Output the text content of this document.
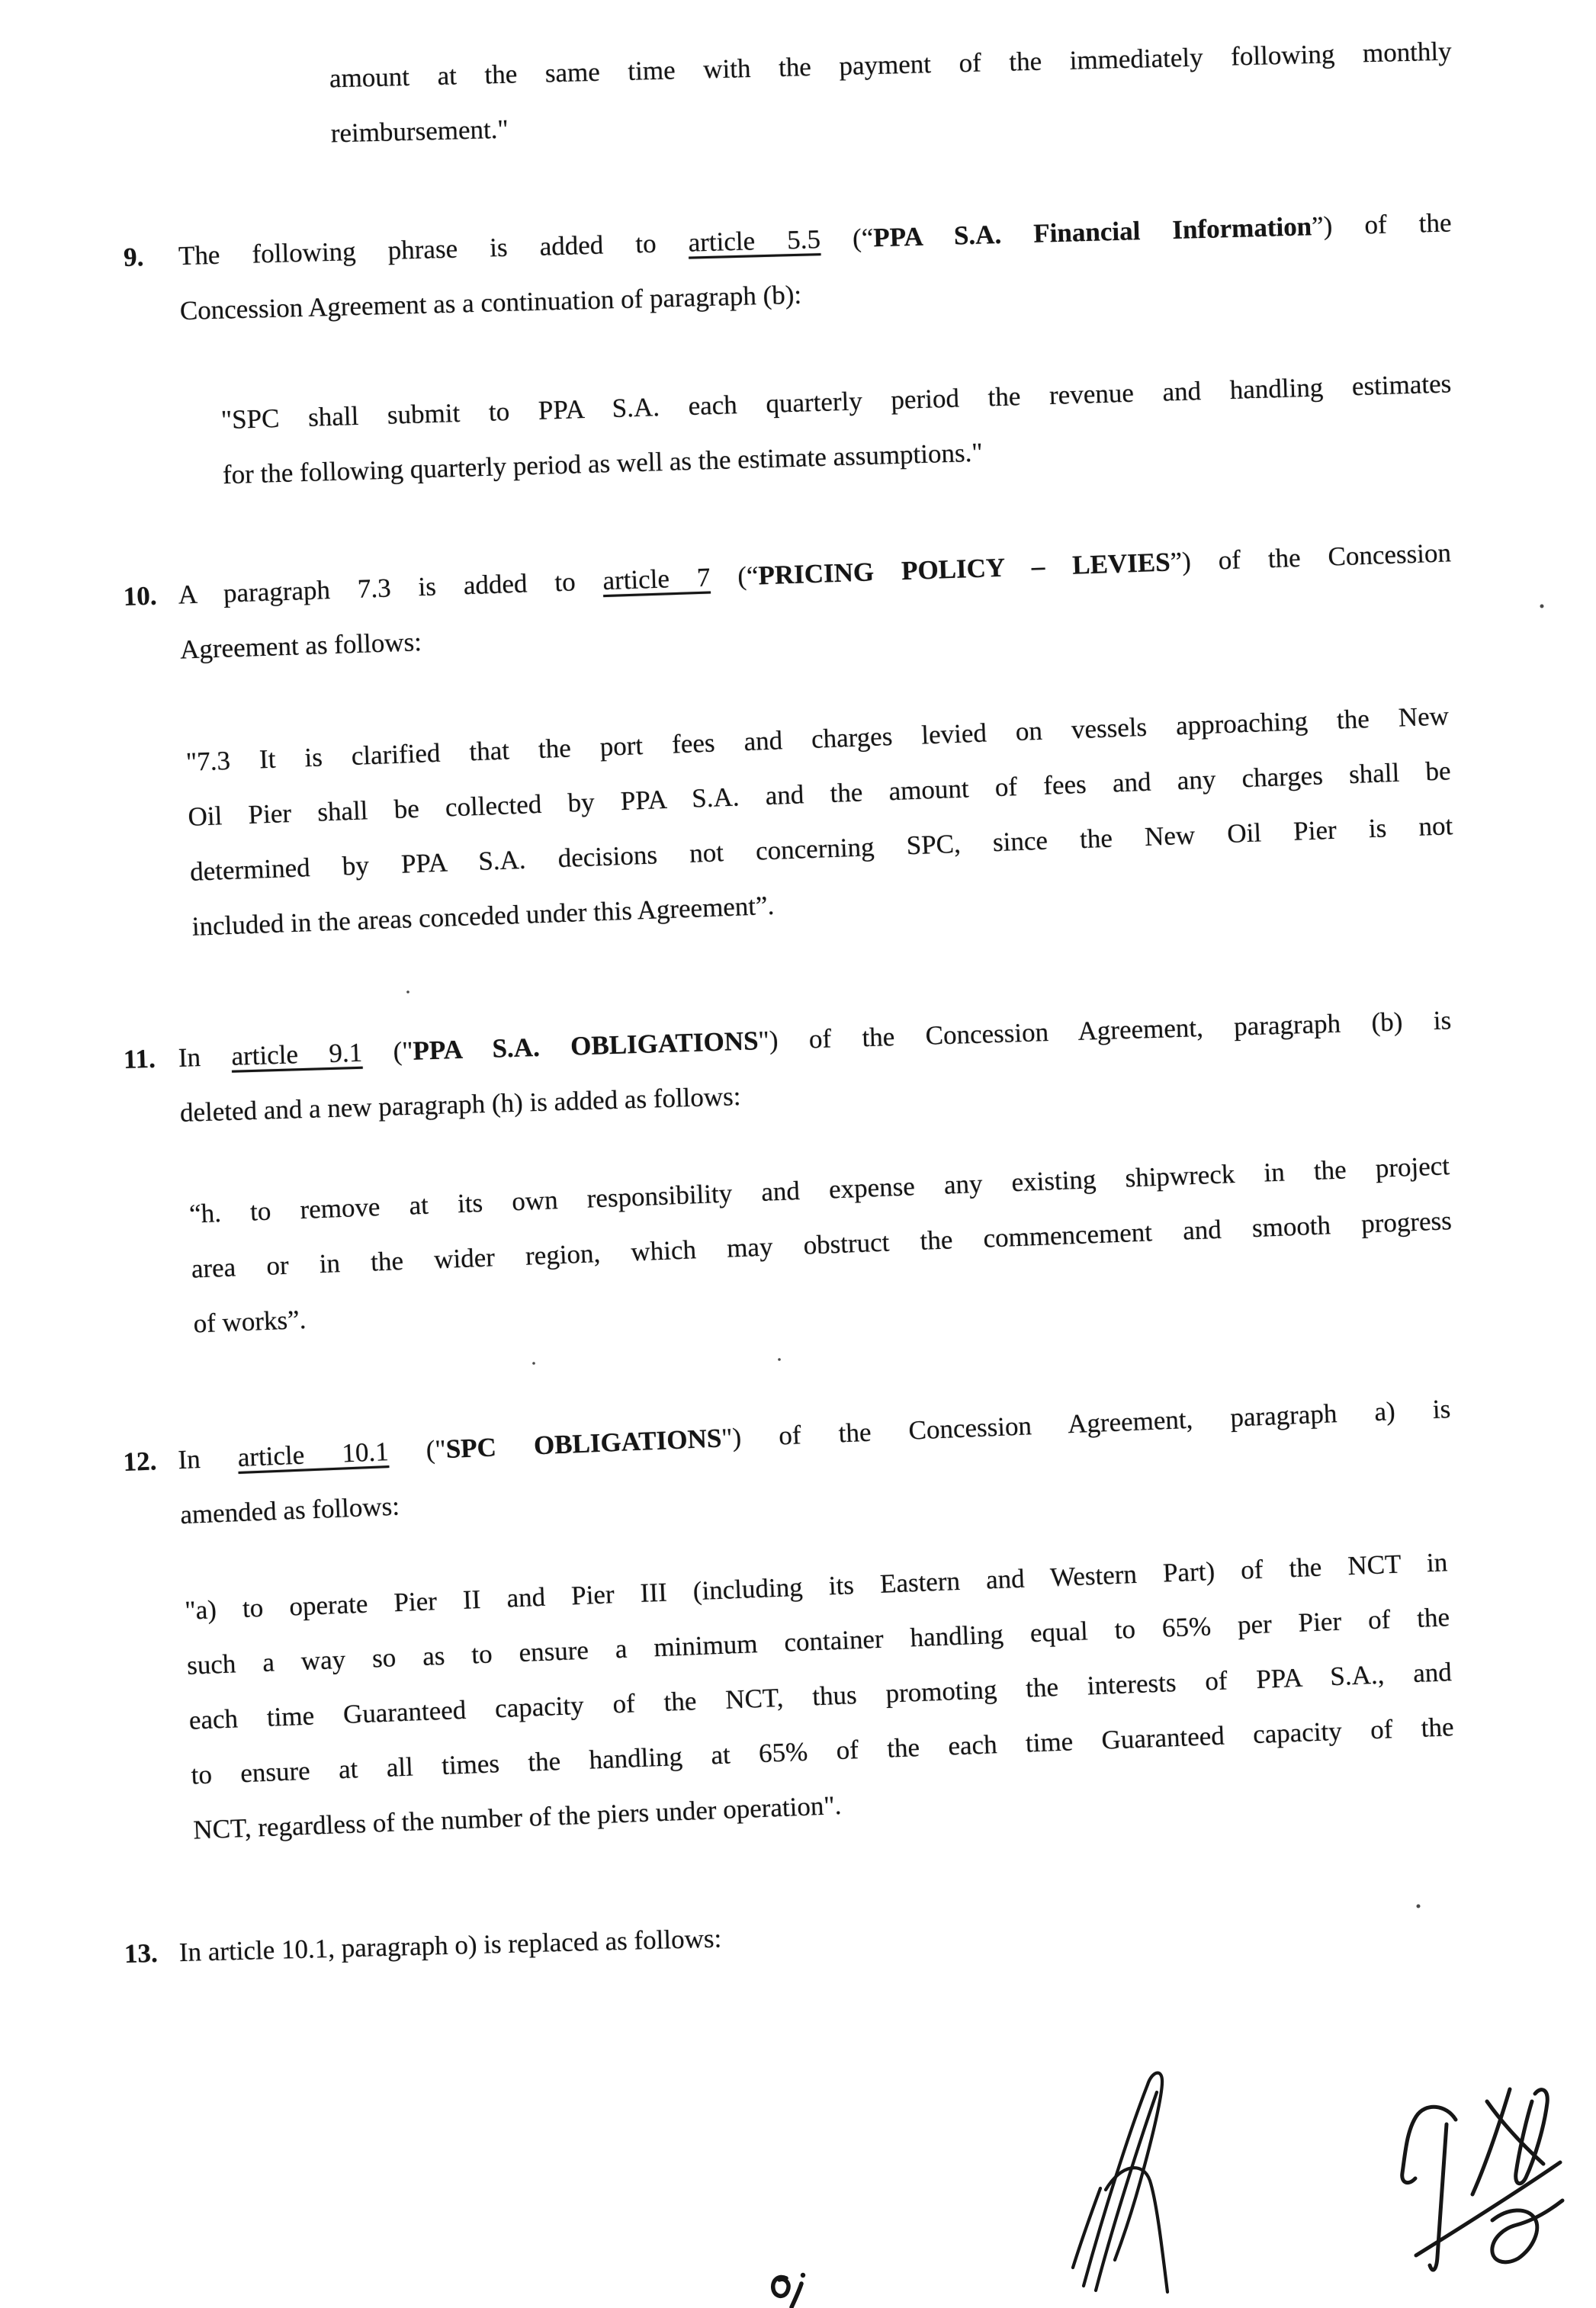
amount at the same time with the payment of the immediately following monthly
reimbursement."
9.	The following phrase is added to article 5.5 (“PPA S.A. Financial Information”) of the
Concession Agreement as a continuation of paragraph (b):
"SPC shall submit to PPA S.A. each quarterly period the revenue and handling estimates
for the following quarterly period as well as the estimate assumptions."
10. A paragraph 7.3 is added to article 7 (“PRICING POLICY – LEVIES”) of the Concession
Agreement as follows:
"7.3 It is clarified that the port fees and charges levied on vessels approaching the New
Oil Pier shall be collected by PPA S.A. and the amount of fees and any charges shall be
determined by PPA S.A. decisions not concerning SPC, since the New Oil Pier is not
included in the areas conceded under this Agreement”.
11. In article 9.1 ("PPA S.A. OBLIGATIONS") of the Concession Agreement, paragraph (b) is
deleted and a new paragraph (h) is added as follows:
“h. to remove at its own responsibility and expense any existing shipwreck in the project
area or in the wider region, which may obstruct the commencement and smooth progress
of works”.
12. In article 10.1 ("SPC OBLIGATIONS") of the Concession Agreement, paragraph a) is
amended as follows:
"a) to operate Pier II and Pier III (including its Eastern and Western Part) of the NCT in
such a way so as to ensure a minimum container handling equal to 65% per Pier of the
each time Guaranteed capacity of the NCT, thus promoting the interests of PPA S.A., and
to ensure at all times the handling at 65% of the each time Guaranteed capacity of the
NCT, regardless of the number of the piers under operation".
13. In article 10.1, paragraph o) is replaced as follows:
